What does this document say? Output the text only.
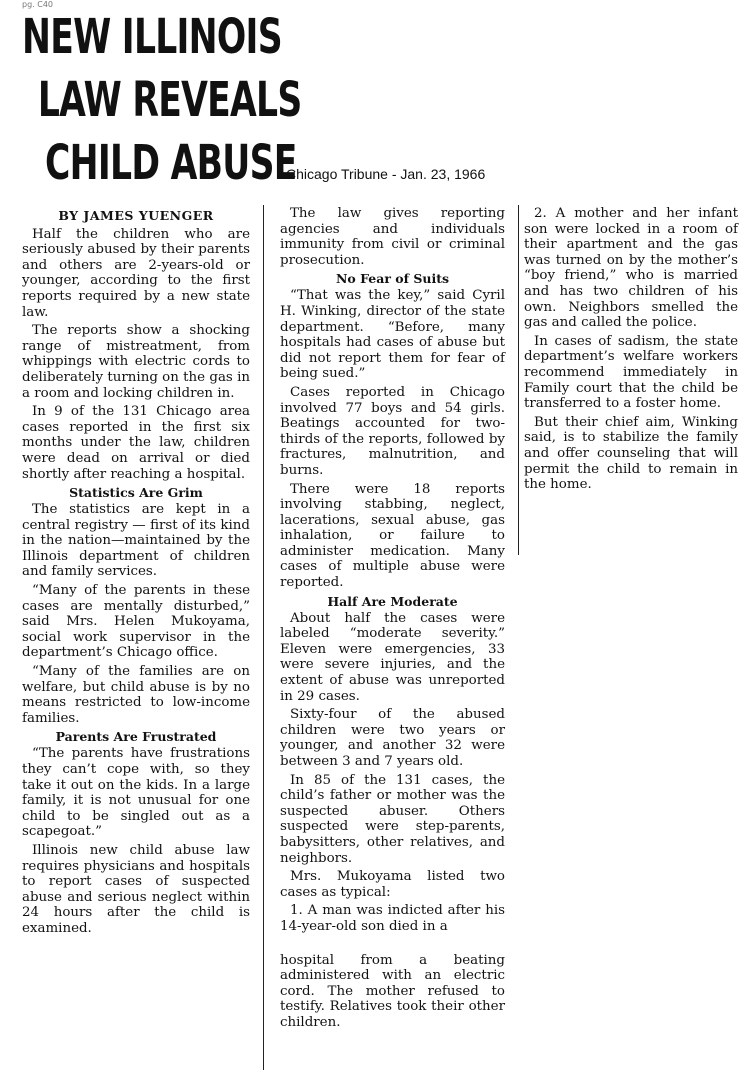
pg. C40
NEW ILLINOIS
LAW REVEALS
CHILD ABUSE
Chicago Tribune - Jan. 23, 1966

BY JAMES YUENGER

Half the children who are seriously abused by their parents and others are 2-years-old or younger, according to the first reports required by a new state law.

The reports show a shocking range of mistreatment, from whippings with electric cords to deliberately turning on the gas in a room and locking children in.

In 9 of the 131 Chicago area cases reported in the first six months under the law, children were dead on arrival or died shortly after reaching a hospital.

Statistics Are Grim

The statistics are kept in a central registry — first of its kind in the nation—maintained by the Illinois department of children and family services.

“Many of the parents in these cases are mentally disturbed,” said Mrs. Helen Mukoyama, social work supervisor in the department’s Chicago office.

“Many of the families are on welfare, but child abuse is by no means restricted to low-income families.

Parents Are Frustrated

“The parents have frustrations they can’t cope with, so they take it out on the kids. In a large family, it is not unusual for one child to be singled out as a scapegoat.”

Illinois new child abuse law requires physicians and hospitals to report cases of suspected abuse and serious neglect within 24 hours after the child is examined.

The law gives reporting agencies and individuals immunity from civil or criminal prosecution.

No Fear of Suits

“That was the key,” said Cyril H. Winking, director of the state department. “Before, many hospitals had cases of abuse but did not report them for fear of being sued.”

Cases reported in Chicago involved 77 boys and 54 girls. Beatings accounted for two-thirds of the reports, followed by fractures, malnutrition, and burns.

There were 18 reports involving stabbing, neglect, lacerations, sexual abuse, gas inhalation, or failure to administer medication. Many cases of multiple abuse were reported.

Half Are Moderate

About half the cases were labeled “moderate severity.” Eleven were emergencies, 33 were severe injuries, and the extent of abuse was unreported in 29 cases.

Sixty-four of the abused children were two years or younger, and another 32 were between 3 and 7 years old.

In 85 of the 131 cases, the child’s father or mother was the suspected abuser. Others suspected were step-parents, babysitters, other relatives, and neighbors.

Mrs. Mukoyama listed two cases as typical:

1. A man was indicted after his 14-year-old son died in a

hospital from a beating administered with an electric cord. The mother refused to testify. Relatives took their other children.

2. A mother and her infant son were locked in a room of their apartment and the gas was turned on by the mother’s “boy friend,” who is married and has two children of his own. Neighbors smelled the gas and called the police.

In cases of sadism, the state department’s welfare workers recommend immediately in Family court that the child be transferred to a foster home.

But their chief aim, Winking said, is to stabilize the family and offer counseling that will permit the child to remain in the home.
